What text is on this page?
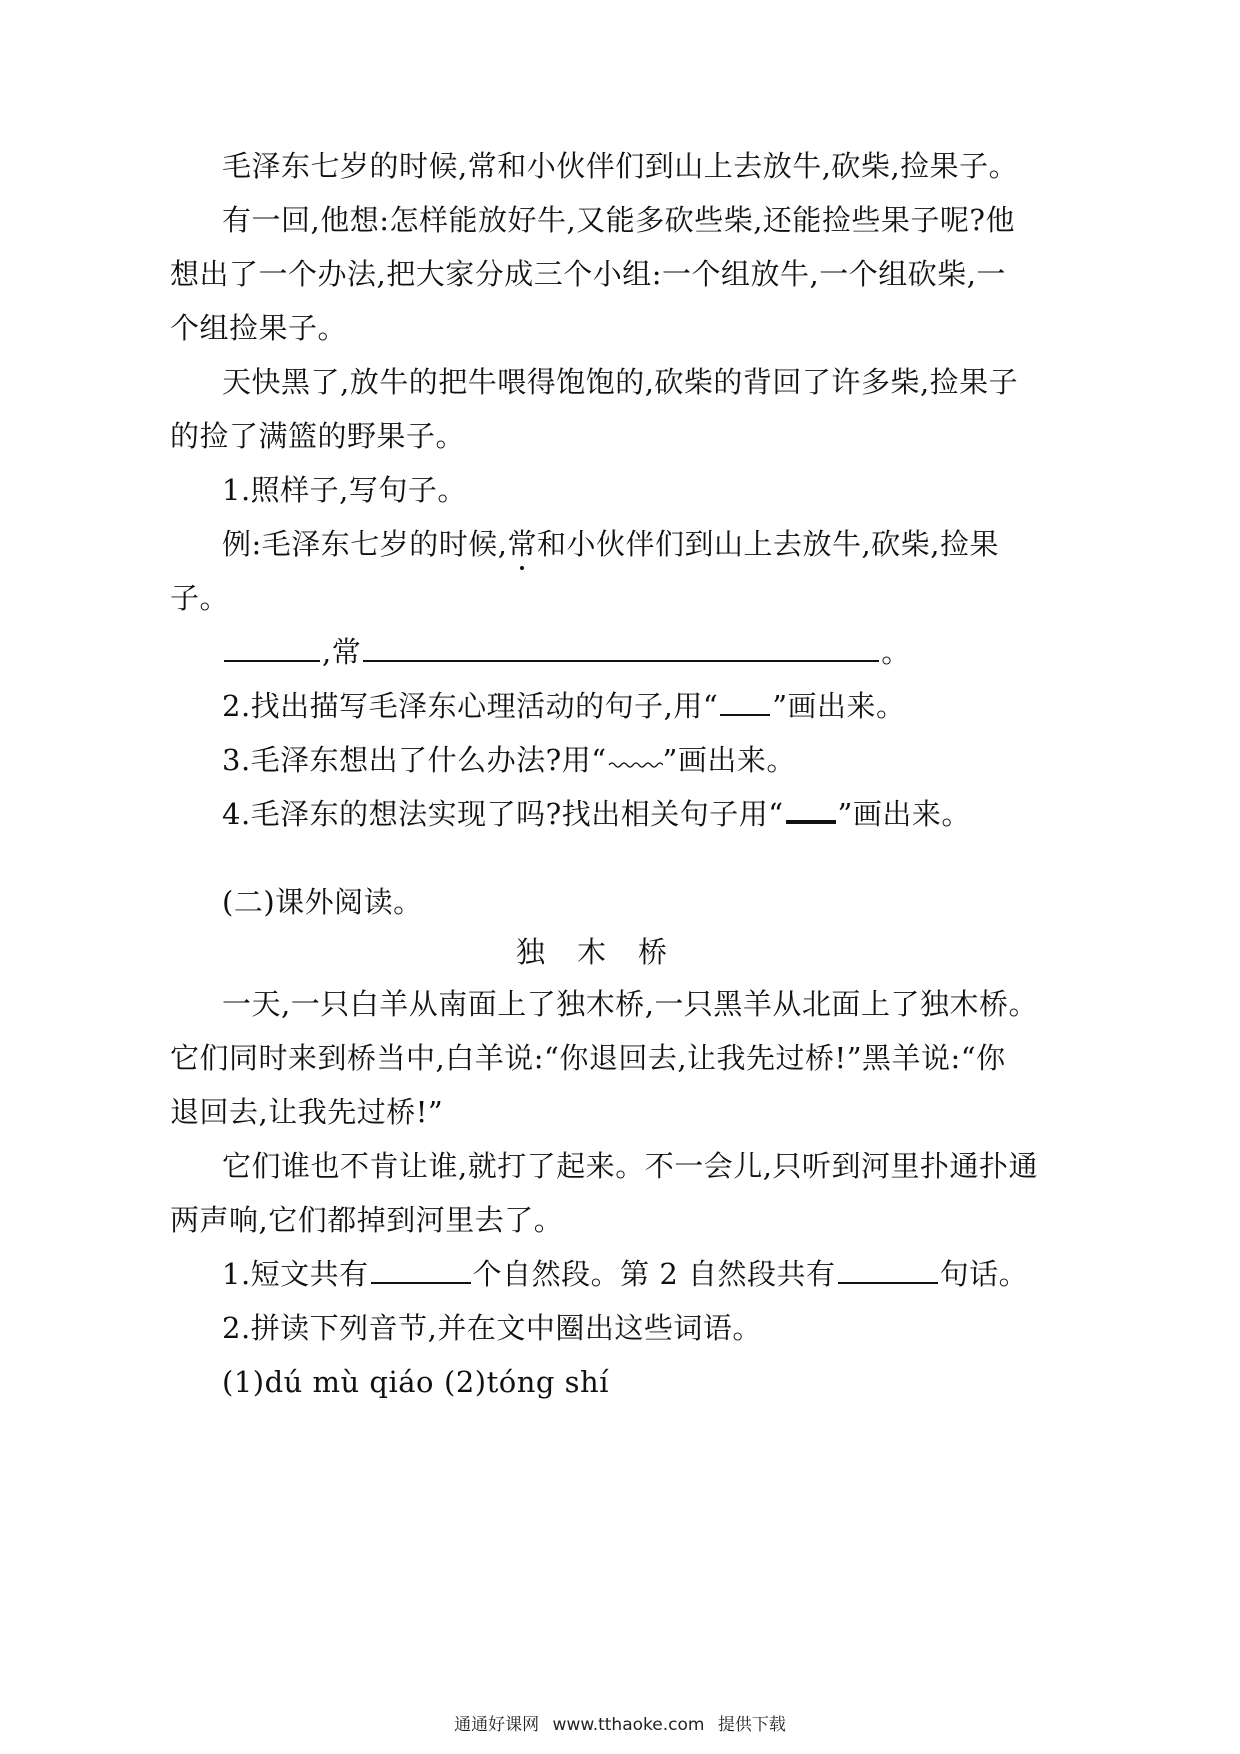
毛泽东七岁的时候,常和小伙伴们到山上去放牛,砍柴,捡果子。
有一回,他想:怎样能放好牛,又能多砍些柴,还能捡些果子呢?他
想出了一个办法,把大家分成三个小组:一个组放牛,一个组砍柴,一
个组捡果子。
天快黑了,放牛的把牛喂得饱饱的,砍柴的背回了许多柴,捡果子
的捡了满篮的野果子。
1.照样子,写句子。
例:毛泽东七岁的时候,常和小伙伴们到山上去放牛,砍柴,捡果
子。
,常	。
2.找出描写毛泽东心理活动的句子,用“ ”画出来。
3.毛泽东想出了什么办法?用“ ”画出来。
4.毛泽东的想法实现了吗?找出相关句子用“ ”画出来。
(二)课外阅读。
独木桥
一天,一只白羊从南面上了独木桥,一只黑羊从北面上了独木桥。
它们同时来到桥当中,白羊说:“你退回去,让我先过桥!”黑羊说:“你
退回去,让我先过桥!”
它们谁也不肯让谁,就打了起来。不一会儿,只听到河里扑通扑通
两声响,它们都掉到河里去了。
1.短文共有	个自然段。第 2 自然段共有	句话。
2.拼读下列音节,并在文中圈出这些词语。
(1)dú mù qiáo (2)tóng shí
通通好课网 www.tthaoke.com 提供下载
